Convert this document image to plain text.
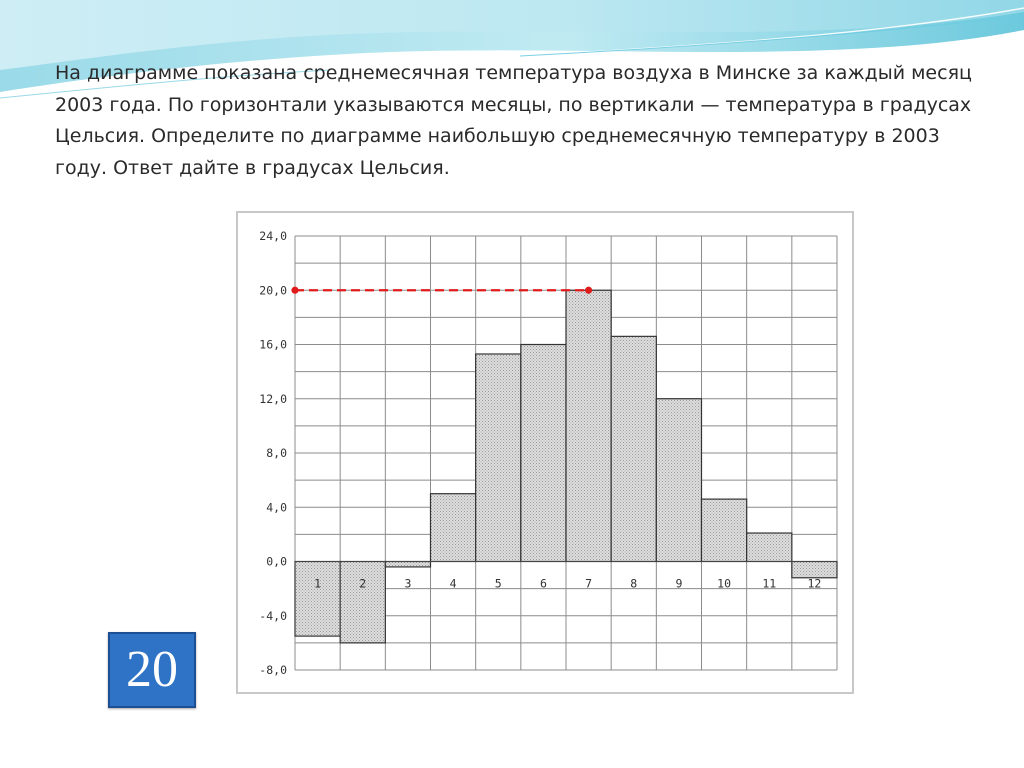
На диаграмме показана среднемесячная температура воздуха в Минске за каждый месяц 2003 года. По горизонтали указываются месяцы, по вертикали — температура в градусах Цельсия. Определите по диаграмме наибольшую среднемесячную температуру в 2003 году. Ответ дайте в градусах Цельсия.

24,0
20,0
16,0
12,0
8,0
4,0
0,0
-4,0
-8,0
1	2	3	4	5	6	7	8	9	10	11	12
20
